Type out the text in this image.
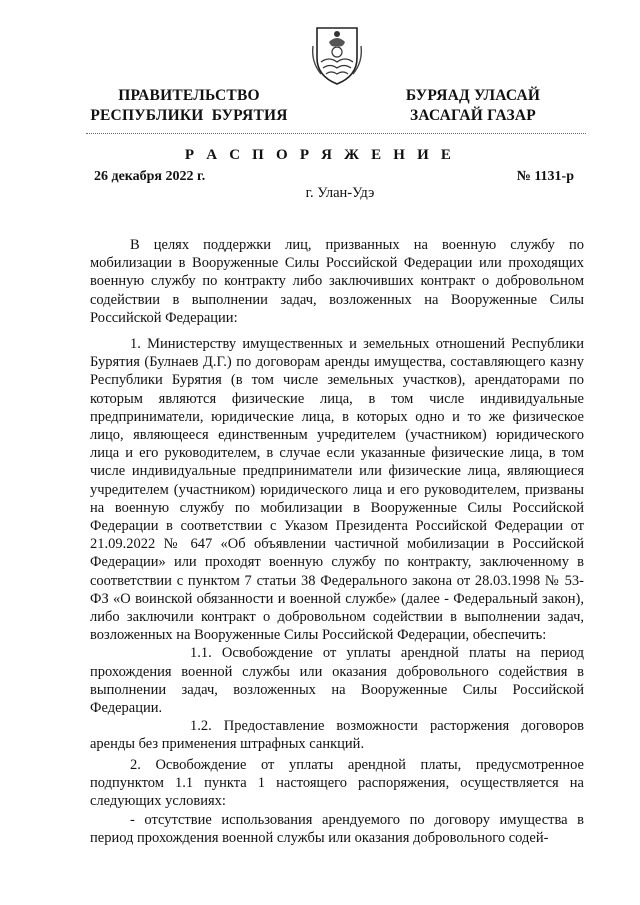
ПРАВИТЕЛЬСТВО
РЕСПУБЛИКИ  БУРЯТИЯ
БУРЯАД УЛАСАЙ
ЗАСАГАЙ ГАЗАР
Р А С П О Р Я Ж Е Н И Е
26 декабря 2022 г.	№ 1131-р
г. Улан-Удэ

В целях поддержки лиц, призванных на военную службу по мобилизации в Вооруженные Силы Российской Федерации или проходящих военную службу по контракту либо заключивших контракт о добровольном содействии в выполнении задач, возложенных на Вооруженные Силы Российской Федерации:

1. Министерству имущественных и земельных отношений Республики Бурятия (Булнаев Д.Г.) по договорам аренды имущества, составляющего казну Республики Бурятия (в том числе земельных участков), арендаторами по которым являются физические лица, в том числе индивидуальные предприниматели, юридические лица, в которых одно и то же физическое лицо, являющееся единственным учредителем (участником) юридического лица и его руководителем, в случае если указанные физические лица, в том числе индивидуальные предприниматели или физические лица, являющиеся учредителем (участником) юридического лица и его руководителем, призваны на военную службу по мобилизации в Вооруженные Силы Российской Федерации в соответствии с Указом Президента Российской Федерации от 21.09.2022 № 647 «Об объявлении частичной мобилизации в Российской Федерации» или проходят военную службу по контракту, заключенному в соответствии с пунктом 7 статьи 38 Федерального закона от 28.03.1998 № 53-ФЗ «О воинской обязанности и военной службе» (далее - Федеральный закон), либо заключили контракт о добровольном содействии в выполнении задач, возложенных на Вооруженные Силы Российской Федерации, обеспечить:

1.1. Освобождение от уплаты арендной платы на период прохождения военной службы или оказания добровольного содействия в выполнении задач, возложенных на Вооруженные Силы Российской Федерации.

1.2. Предоставление возможности расторжения договоров аренды без применения штрафных санкций.

2. Освобождение от уплаты арендной платы, предусмотренное подпунктом 1.1 пункта 1 настоящего распоряжения, осуществляется на следующих условиях:

- отсутствие использования арендуемого по договору имущества в период прохождения военной службы или оказания добровольного содей-
